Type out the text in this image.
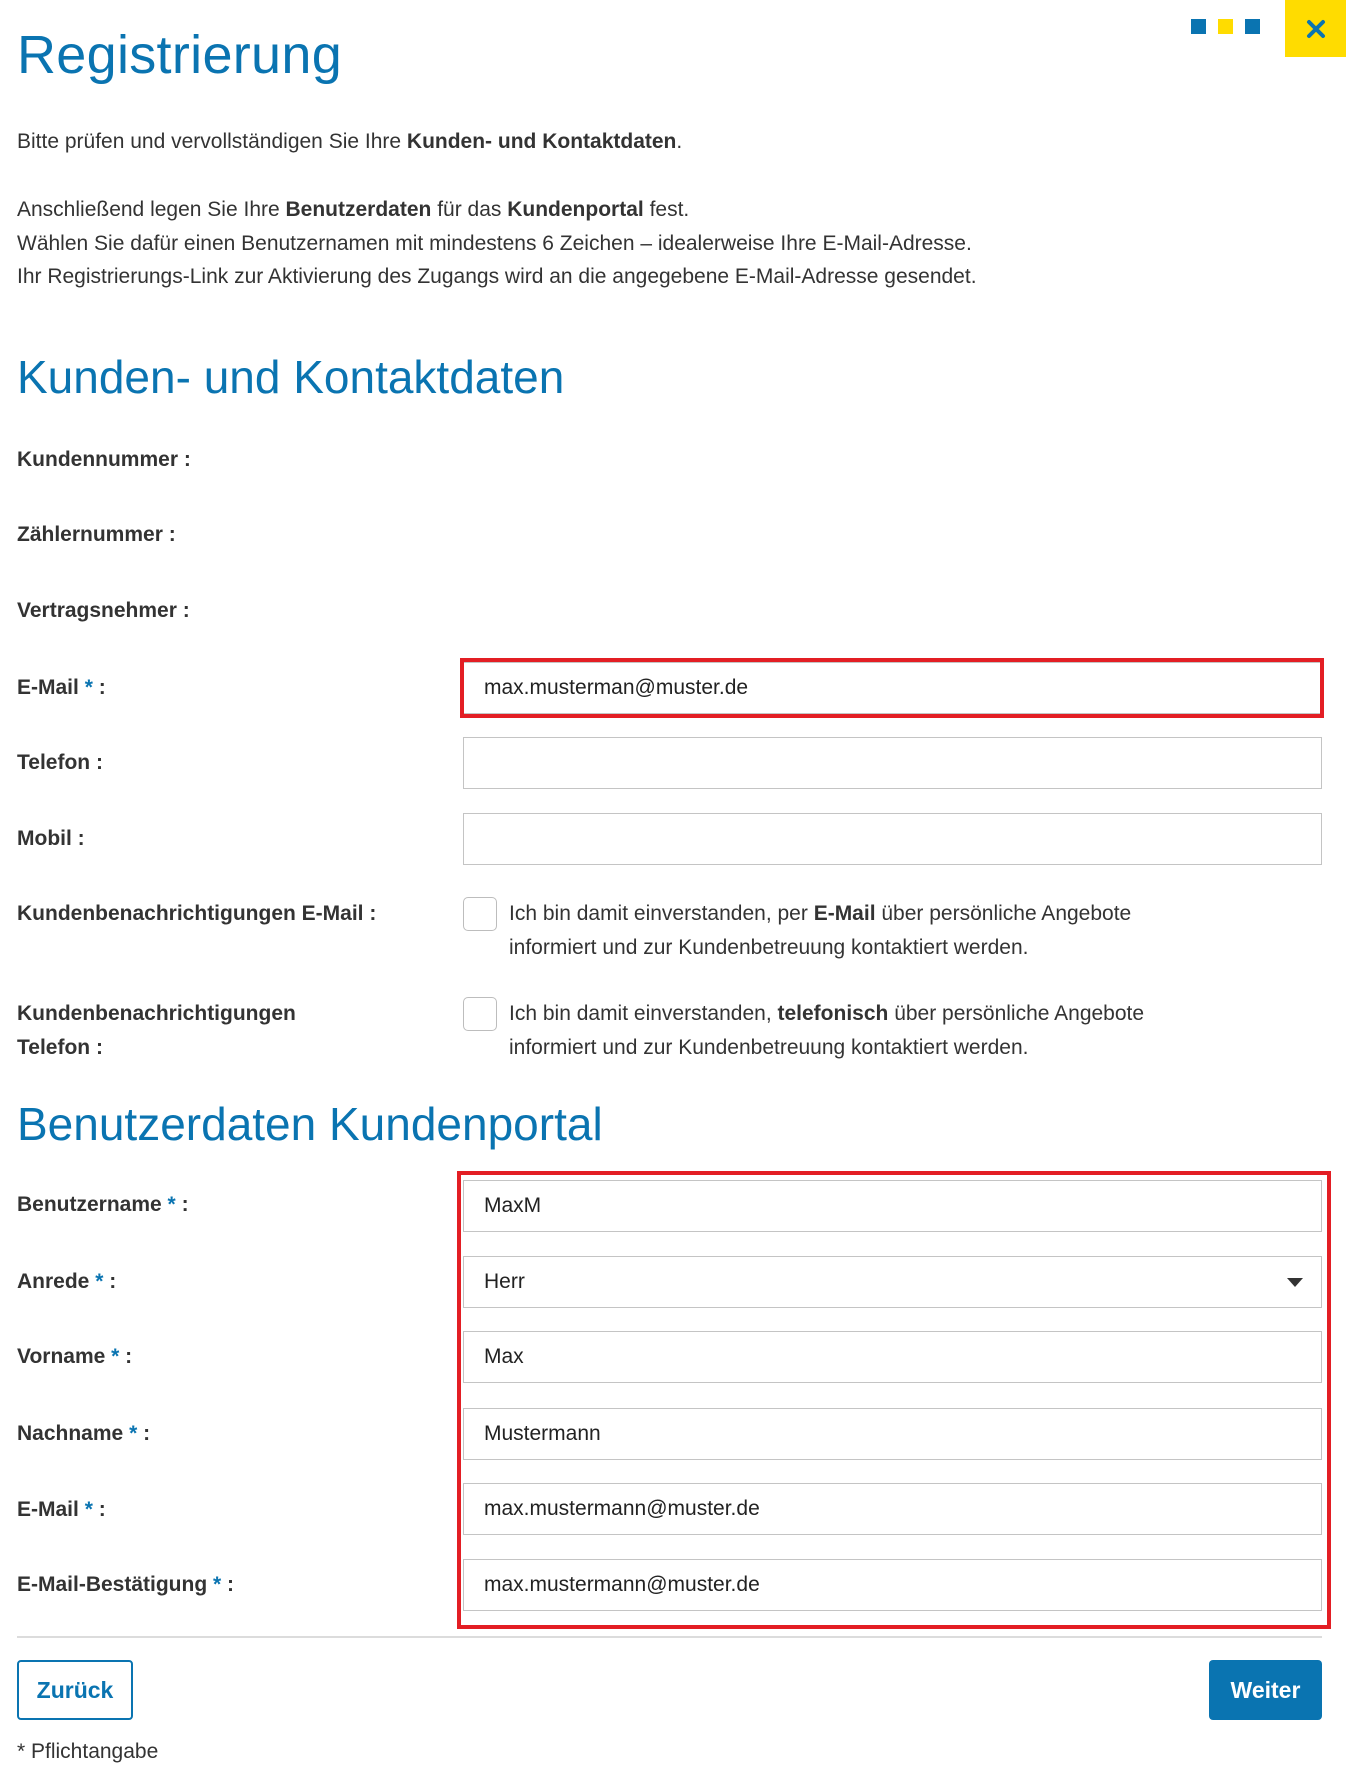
Registrierung

Bitte prüfen und vervollständigen Sie Ihre Kunden- und Kontaktdaten.

Anschließend legen Sie Ihre Benutzerdaten für das Kundenportal fest.

Wählen Sie dafür einen Benutzernamen mit mindestens 6 Zeichen – idealerweise Ihre E-Mail-Adresse.

Ihr Registrierungs-Link zur Aktivierung des Zugangs wird an die angegebene E-Mail-Adresse gesendet.

Kunden- und Kontaktdaten
Kundennummer :
Zählernummer :
Vertragsnehmer :
E-Mail * :	max.musterman@muster.de
Telefon :
Mobil :
Kundenbenachrichtigungen E-Mail :	Ich bin damit einverstanden, per E-Mail über persönliche Angebote
informiert und zur Kundenbetreuung kontaktiert werden.
Kundenbenachrichtigungen
Telefon :
Ich bin damit einverstanden, telefonisch über persönliche Angebote
informiert und zur Kundenbetreuung kontaktiert werden.
Benutzerdaten Kundenportal
Benutzername * :	MaxM
Anrede * :	Herr
Vorname * :	Max
Nachname * :	Mustermann
E-Mail * :	max.mustermann@muster.de
E-Mail-Bestätigung * :	max.mustermann@muster.de
Zurück	Weiter
* Pflichtangabe
